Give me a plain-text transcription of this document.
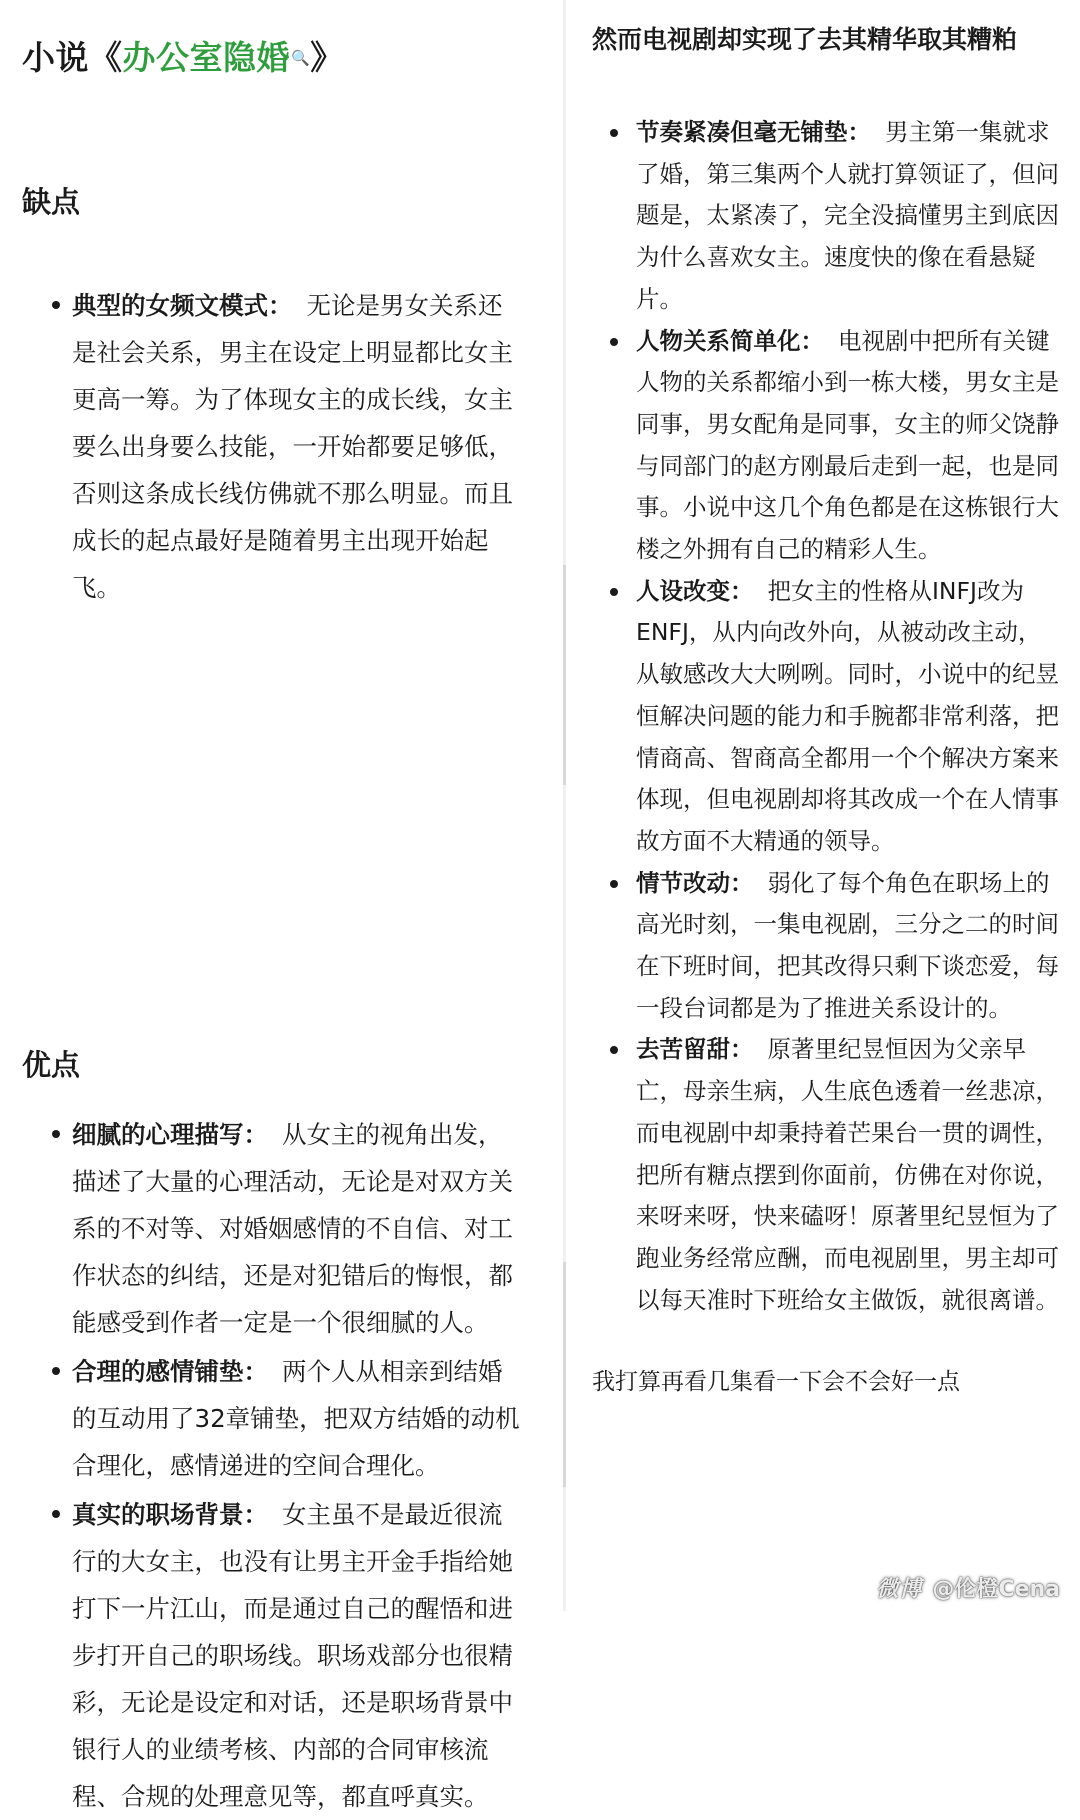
小说《办公室隐婚🔍》
缺点
典型的女频文模式： 无论是男女关系还是社会关系，男主在设定上明显都比女主更高一筹。为了体现女主的成长线，女主要么出身要么技能，一开始都要足够低，否则这条成长线仿佛就不那么明显。而且成长的起点最好是随着男主出现开始起飞。
优点
细腻的心理描写： 从女主的视角出发，描述了大量的心理活动，无论是对双方关系的不对等、对婚姻感情的不自信、对工作状态的纠结，还是对犯错后的悔恨，都能感受到作者一定是一个很细腻的人。
合理的感情铺垫： 两个人从相亲到结婚的互动用了32章铺垫，把双方结婚的动机合理化，感情递进的空间合理化。
真实的职场背景： 女主虽不是最近很流行的大女主，也没有让男主开金手指给她打下一片江山，而是通过自己的醒悟和进步打开自己的职场线。职场戏部分也很精彩，无论是设定和对话，还是职场背景中银行人的业绩考核、内部的合同审核流程、合规的处理意见等，都直呼真实。
然而电视剧却实现了去其精华取其糟粕
节奏紧凑但毫无铺垫： 男主第一集就求了婚，第三集两个人就打算领证了，但问题是，太紧凑了，完全没搞懂男主到底因为什么喜欢女主。速度快的像在看悬疑片。
人物关系简单化： 电视剧中把所有关键人物的关系都缩小到一栋大楼，男女主是同事，男女配角是同事，女主的师父饶静与同部门的赵方刚最后走到一起，也是同事。小说中这几个角色都是在这栋银行大楼之外拥有自己的精彩人生。
人设改变： 把女主的性格从INFJ改为ENFJ，从内向改外向，从被动改主动，从敏感改大大咧咧。同时，小说中的纪昱恒解决问题的能力和手腕都非常利落，把情商高、智商高全都用一个个解决方案来体现，但电视剧却将其改成一个在人情事故方面不大精通的领导。
情节改动： 弱化了每个角色在职场上的高光时刻，一集电视剧，三分之二的时间在下班时间，把其改得只剩下谈恋爱，每一段台词都是为了推进关系设计的。
去苦留甜： 原著里纪昱恒因为父亲早亡，母亲生病，人生底色透着一丝悲凉，而电视剧中却秉持着芒果台一贯的调性，把所有糖点摆到你面前，仿佛在对你说，来呀来呀，快来磕呀！原著里纪昱恒为了跑业务经常应酬，而电视剧里，男主却可以每天准时下班给女主做饭，就很离谱。

我打算再看几集看一下会不会好一点

微博 @伦橙Cena
